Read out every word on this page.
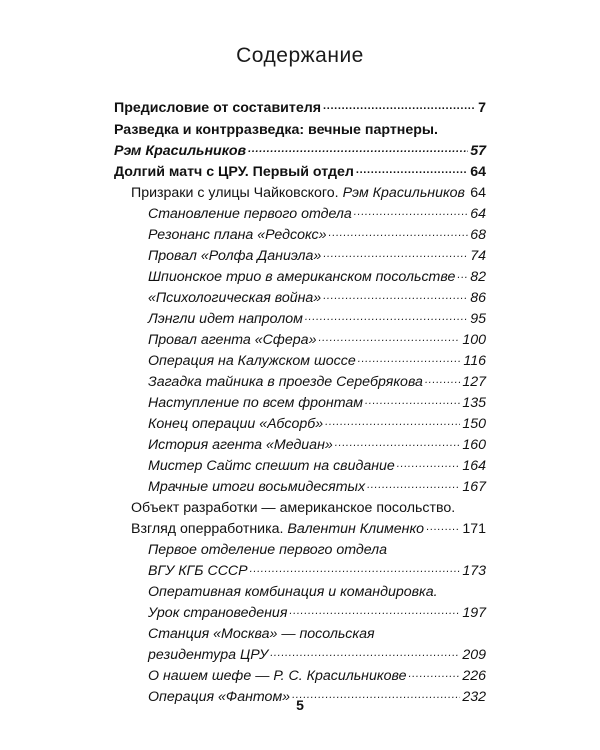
Содержание
Предисловие от составителя . . .	7
Разведка и контрразведка: вечные партнеры.
Рэм Красильников . . .	57
Долгий матч с ЦРУ. Первый отдел . . .	64
Призраки с улицы Чайковского. Рэм Красильников . . . 64
Становление первого отдела . . .	64
Резонанс плана «Редсокс» . . .	68
Провал «Ролфа Даниэла» . . .	74
Шпионское трио в американском посольстве . . . 82
«Психологическая война» . . .	86
Лэнгли идет напролом . . .	95
Провал агента «Сфера» . . .	100
Операция на Калужском шоссе . . .	116
Загадка тайника в проезде Серебрякова . . .	127
Наступление по всем фронтам . . .	135
Конец операции «Абсорб» . . .	150
История агента «Медиан» . . .	160
Мистер Сайтс спешит на свидание . . .	164
Мрачные итоги восьмидесятых . . .	167
Объект разработки — американское посольство.
Взгляд оперработника. Валентин Клименко . . .	171
Первое отделение первого отдела
ВГУ КГБ СССР . . .	173
Оперативная комбинация и командировка.
Урок страноведения . . .	197
Станция «Москва» — посольская
резидентура ЦРУ . . .	209
О нашем шефе — Р. С. Красильникове . . .	226
Операция «Фантом» . . .	232
5
